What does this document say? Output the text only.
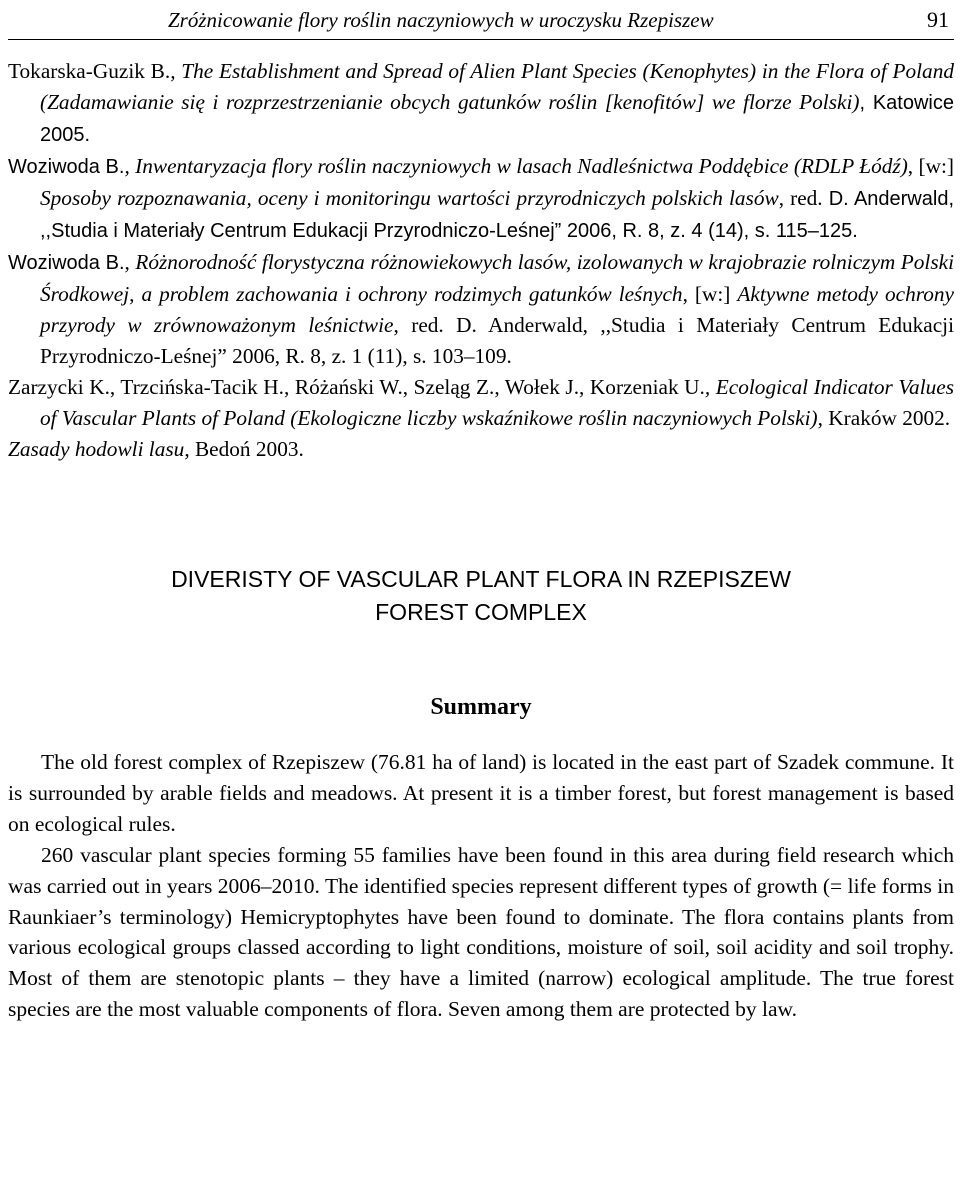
Zróżnicowanie flory roślin naczyniowych w uroczysku Rzepiszew	91
Tokarska-Guzik B., The Establishment and Spread of Alien Plant Species (Kenophytes) in the Flora of Poland (Zadamawianie się i rozprzestrzenianie obcych gatunków roślin [kenofitów] we florze Polski), Katowice 2005.
Woziwoda B., Inwentaryzacja flory roślin naczyniowych w lasach Nadleśnictwa Poddębice (RDLP Łódź), [w:] Sposoby rozpoznawania, oceny i monitoringu wartości przyrodniczych polskich lasów, red. D. Anderwald, ,,Studia i Materiały Centrum Edukacji Przyrodniczo-Leśnej” 2006, R. 8, z. 4 (14), s. 115–125.
Woziwoda B., Różnorodność florystyczna różnowiekowych lasów, izolowanych w krajobrazie rolniczym Polski Środkowej, a problem zachowania i ochrony rodzimych gatunków leśnych, [w:] Aktywne metody ochrony przyrody w zrównoważonym leśnictwie, red. D. Anderwald, ,,Studia i Materiały Centrum Edukacji Przyrodniczo-Leśnej” 2006, R. 8, z. 1 (11), s. 103–109.
Zarzycki K., Trzcińska-Tacik H., Różański W., Szeląg Z., Wołek J., Korzeniak U., Ecological Indicator Values of Vascular Plants of Poland (Ekologiczne liczby wskaźnikowe roślin naczyniowych Polski), Kraków 2002.
Zasady hodowli lasu, Bedoń 2003.
DIVERISTY OF VASCULAR PLANT FLORA IN RZEPISZEW
FOREST COMPLEX
Summary
The old forest complex of Rzepiszew (76.81 ha of land) is located in the east part of Szadek commune. It is surrounded by arable fields and meadows. At present it is a timber forest, but forest management is based on ecological rules.
260 vascular plant species forming 55 families have been found in this area during field research which was carried out in years 2006–2010. The identified species represent different types of growth (= life forms in Raunkiaer’s terminology) Hemicryptophytes have been found to dominate. The flora contains plants from various ecological groups classed according to light conditions, moisture of soil, soil acidity and soil trophy. Most of them are stenotopic plants – they have a limited (narrow) ecological amplitude. The true forest species are the most valuable components of flora. Seven among them are protected by law.
